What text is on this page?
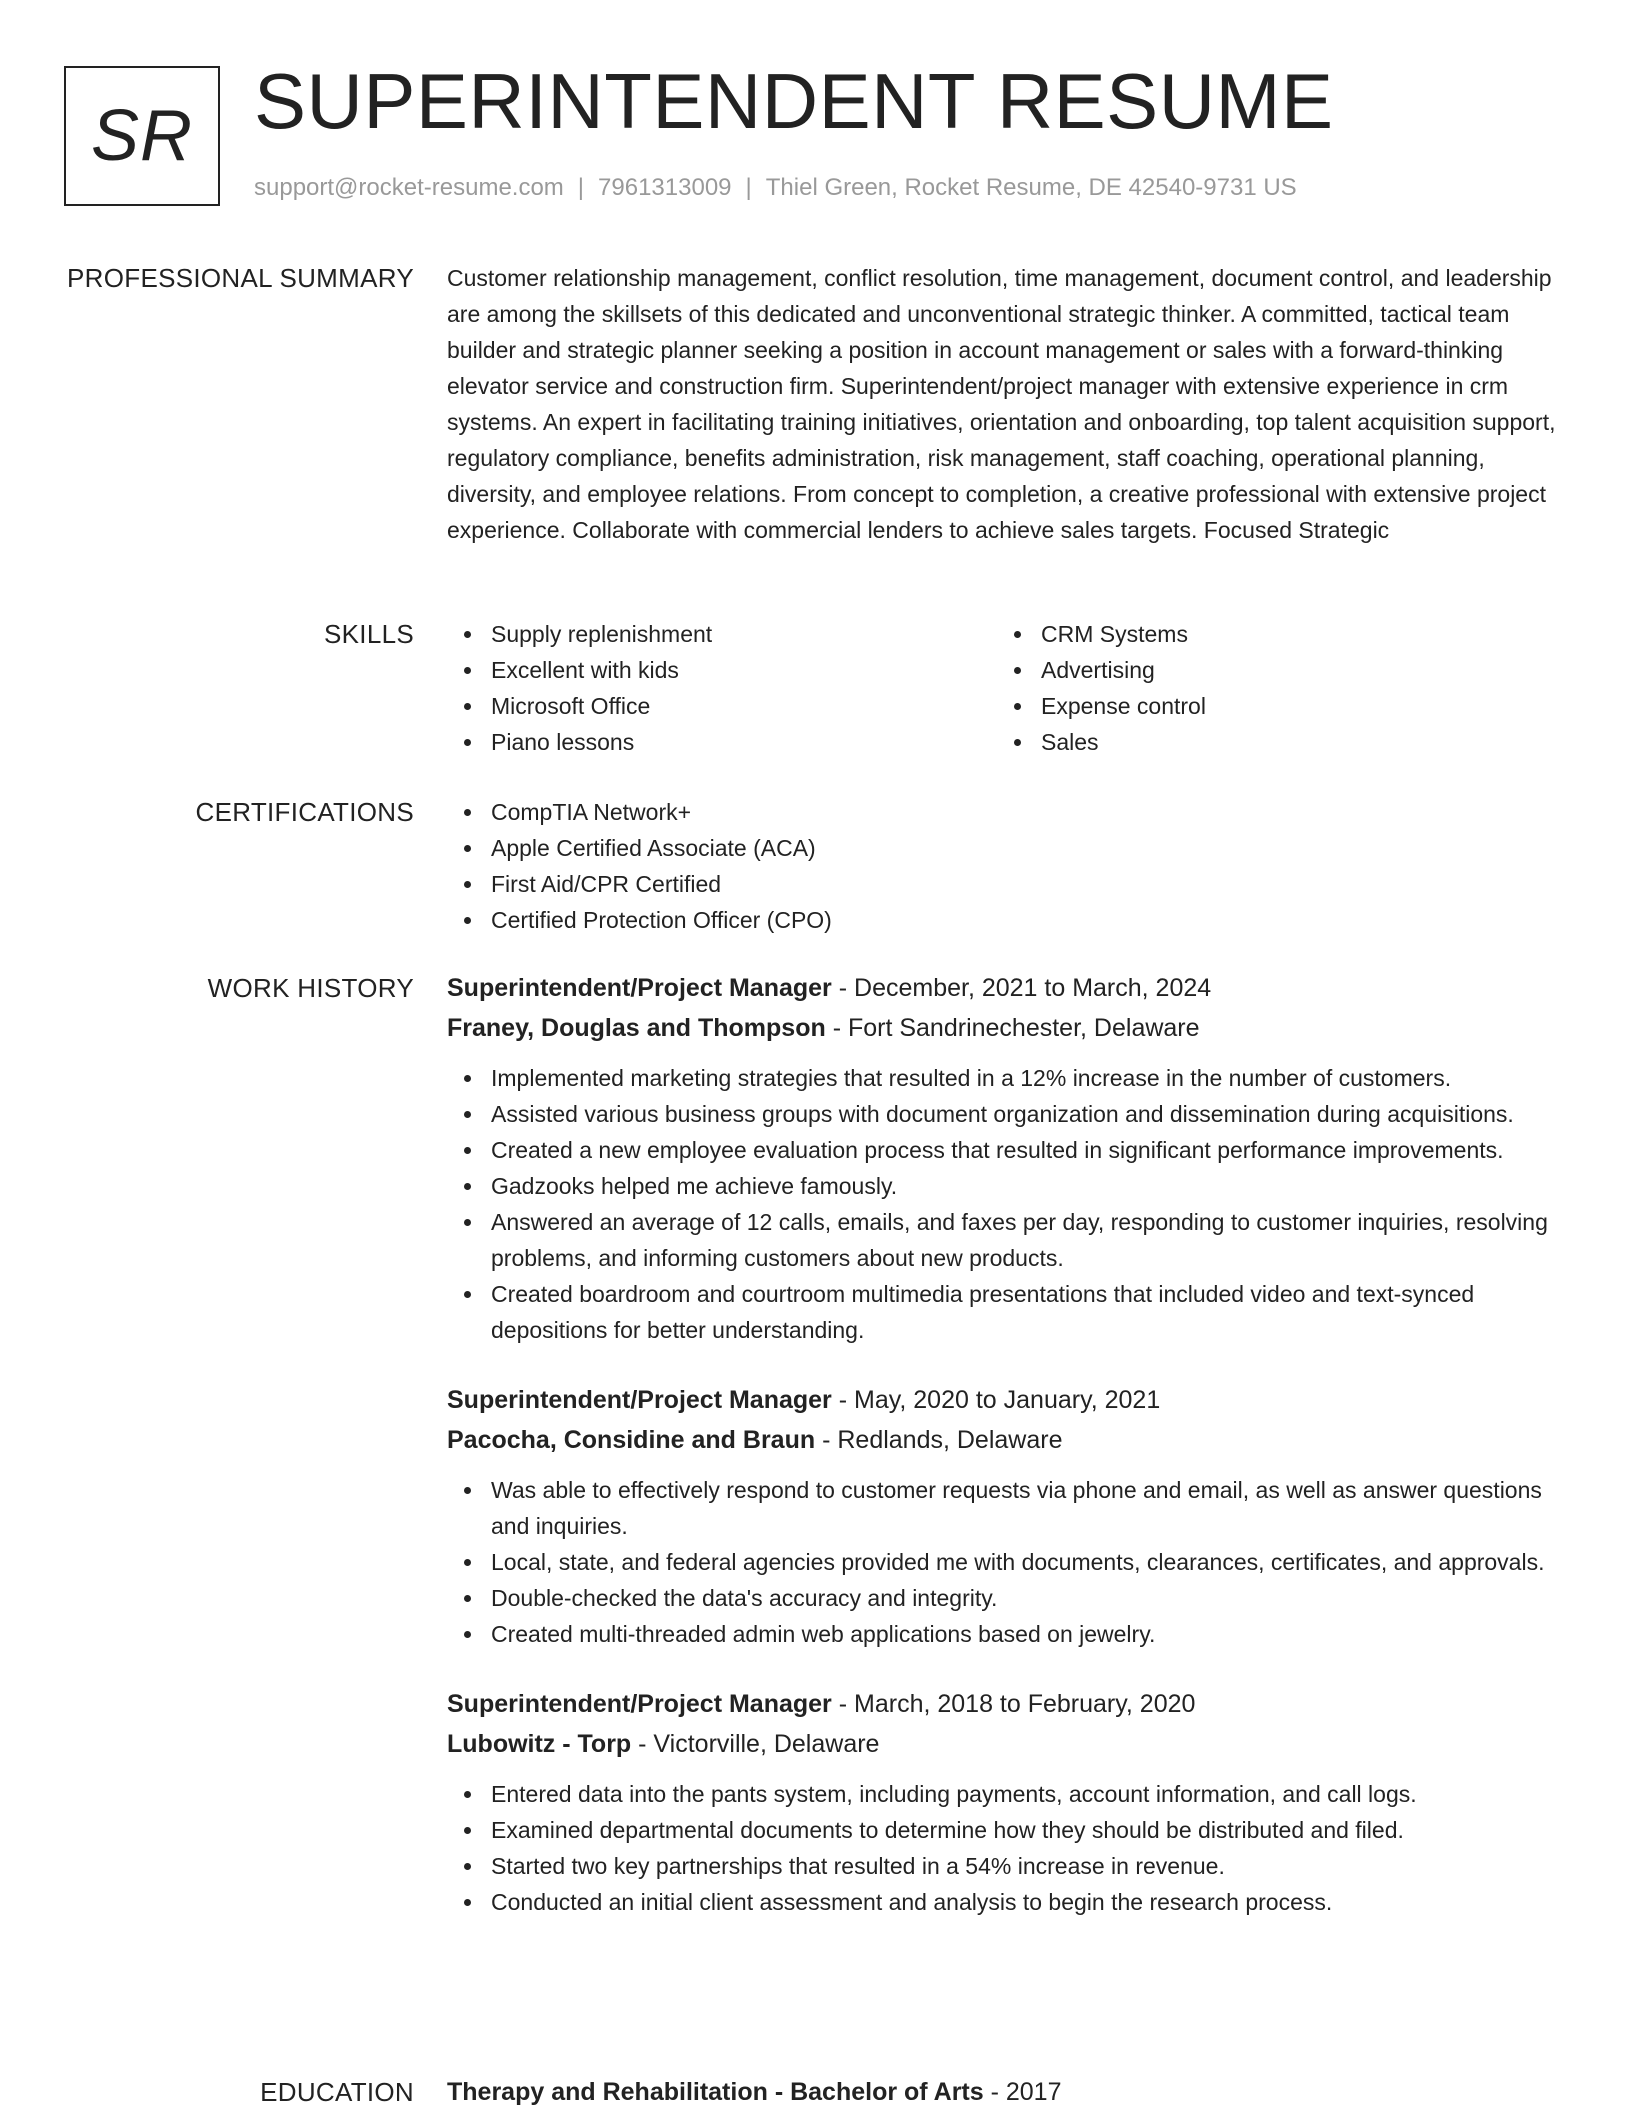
SR SUPERINTENDENT RESUME
support@rocket-resume.com | 7961313009 | Thiel Green, Rocket Resume, DE 42540-9731 US
PROFESSIONAL SUMMARY Customer relationship management, conflict resolution, time management, document control, and leadership are among the skillsets of this dedicated and unconventional strategic thinker. A committed, tactical team builder and strategic planner seeking a position in account management or sales with a forward-thinking elevator service and construction firm. Superintendent/project manager with extensive experience in crm systems. An expert in facilitating training initiatives, orientation and onboarding, top talent acquisition support, regulatory compliance, benefits administration, risk management, staff coaching, operational planning, diversity, and employee relations. From concept to completion, a creative professional with extensive project experience. Collaborate with commercial lenders to achieve sales targets. Focused Strategic

SKILLS	Supply replenishment
Excellent with kids
Microsoft Office
Piano lessons
CRM Systems
Advertising
Expense control
Sales
CERTIFICATIONS	CompTIA Network+
Apple Certified Associate (ACA)
First Aid/CPR Certified
Certified Protection Officer (CPO)
WORK HISTORY Superintendent/Project Manager - December, 2021 to March, 2024
Franey, Douglas and Thompson - Fort Sandrinechester, Delaware
Implemented marketing strategies that resulted in a 12% increase in the number of customers.
Assisted various business groups with document organization and dissemination during acquisitions.
Created a new employee evaluation process that resulted in significant performance improvements.
Gadzooks helped me achieve famously.
Answered an average of 12 calls, emails, and faxes per day, responding to customer inquiries, resolving problems, and informing customers about new products.
Created boardroom and courtroom multimedia presentations that included video and text-synced depositions for better understanding.
Superintendent/Project Manager - May, 2020 to January, 2021
Pacocha, Considine and Braun - Redlands, Delaware
Was able to effectively respond to customer requests via phone and email, as well as answer questions and inquiries.
Local, state, and federal agencies provided me with documents, clearances, certificates, and approvals.
Double-checked the data's accuracy and integrity.
Created multi-threaded admin web applications based on jewelry.
Superintendent/Project Manager - March, 2018 to February, 2020
Lubowitz - Torp - Victorville, Delaware
Entered data into the pants system, including payments, account information, and call logs.
Examined departmental documents to determine how they should be distributed and filed.
Started two key partnerships that resulted in a 54% increase in revenue.
Conducted an initial client assessment and analysis to begin the research process.
EDUCATION Therapy and Rehabilitation - Bachelor of Arts - 2017
